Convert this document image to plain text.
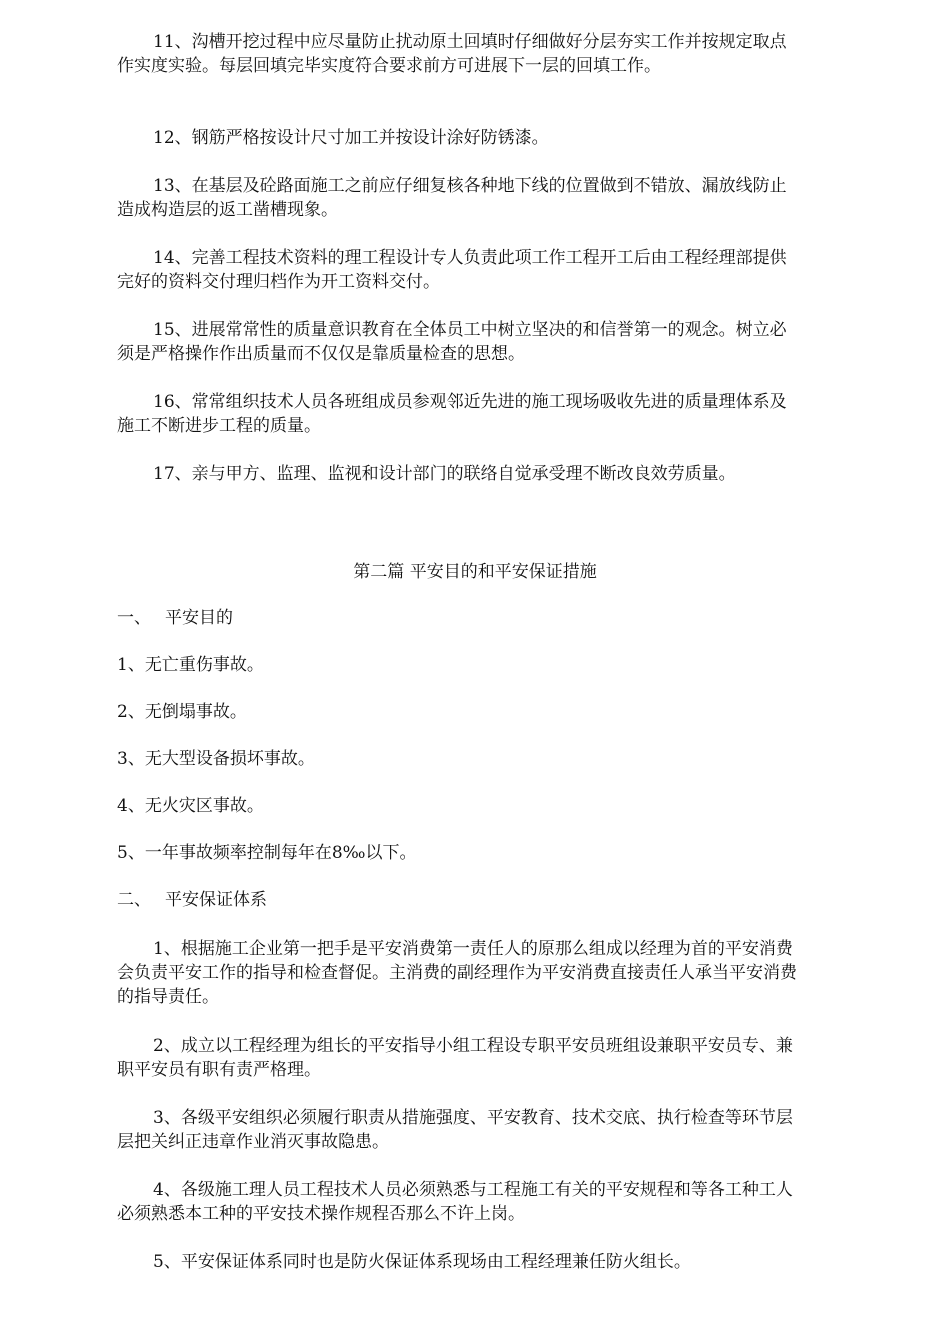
11、沟槽开挖过程中应尽量防止扰动原土回填时仔细做好分层夯实工作并按规定取点作实度实验。每层回填完毕实度符合要求前方可进展下一层的回填工作。

12、钢筋严格按设计尺寸加工并按设计涂好防锈漆。

13、在基层及砼路面施工之前应仔细复核各种地下线的位置做到不错放、漏放线防止造成构造层的返工凿槽现象。

14、完善工程技术资料的理工程设计专人负责此项工作工程开工后由工程经理部提供完好的资料交付理归档作为开工资料交付。

15、进展常常性的质量意识教育在全体员工中树立坚决的和信誉第一的观念。树立必须是严格操作作出质量而不仅仅是靠质量检查的思想。

16、常常组织技术人员各班组成员参观邻近先进的施工现场吸收先进的质量理体系及施工不断进步工程的质量。

17、亲与甲方、监理、监视和设计部门的联络自觉承受理不断改良效劳质量。

第二篇 平安目的和平安保证措施

一、 平安目的

1、无亡重伤事故。

2、无倒塌事故。

3、无大型设备损坏事故。

4、无火灾区事故。

5、一年事故频率控制每年在8‰以下。

二、 平安保证体系

1、根据施工企业第一把手是平安消费第一责任人的原那么组成以经理为首的平安消费会负责平安工作的指导和检查督促。主消费的副经理作为平安消费直接责任人承当平安消费的指导责任。

2、成立以工程经理为组长的平安指导小组工程设专职平安员班组设兼职平安员专、兼职平安员有职有责严格理。

3、各级平安组织必须履行职责从措施强度、平安教育、技术交底、执行检查等环节层层把关纠正违章作业消灭事故隐患。

4、各级施工理人员工程技术人员必须熟悉与工程施工有关的平安规程和等各工种工人必须熟悉本工种的平安技术操作规程否那么不许上岗。

5、平安保证体系同时也是防火保证体系现场由工程经理兼任防火组长。
